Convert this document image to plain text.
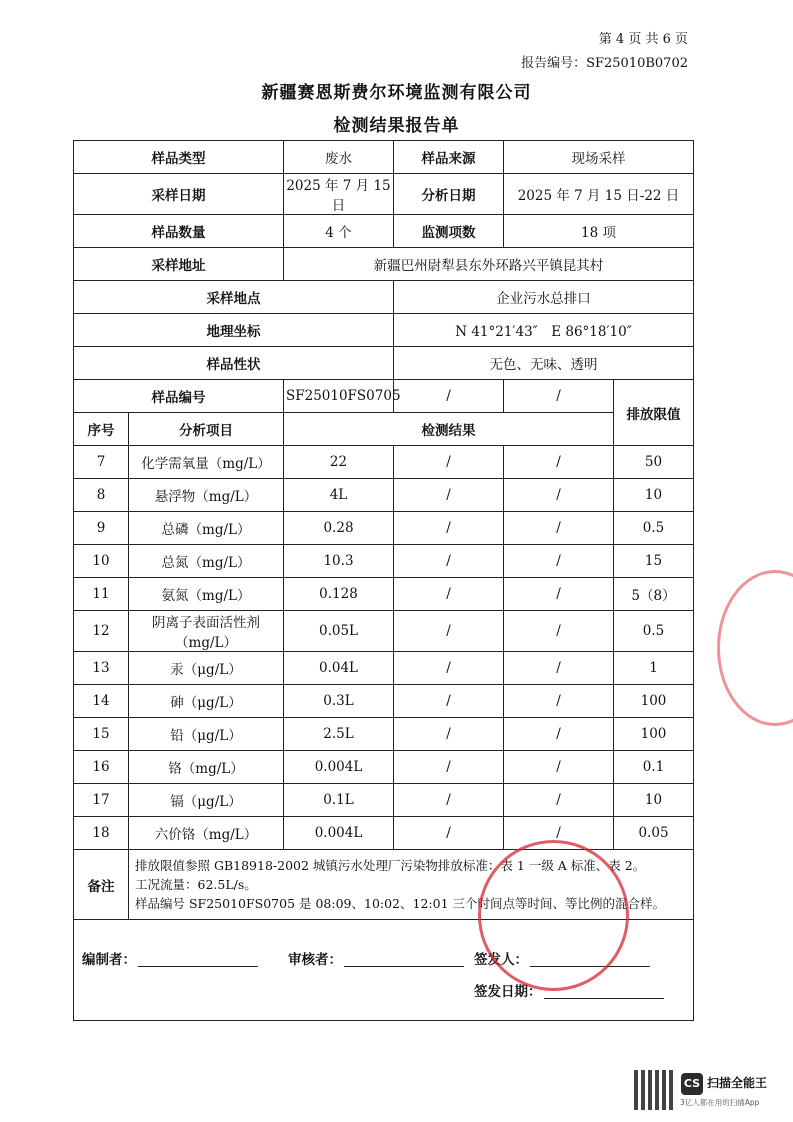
第 4 页 共 6 页
报告编号：SF25010B0702
新疆赛恩斯费尔环境监测有限公司
检测结果报告单
样品类型		废水	样品来源	现场采样	
采样日期		2025 年 7 月 15 日	分析日期	2025 年 7 月 15 日-22 日	
样品数量		4 个	监测项数	18 项	
采样地址		新疆巴州尉犁县东外环路兴平镇昆其村			
采样地点			企业污水总排口		
地理坐标			N 41°21′43″　E 86°18′10″		
样品性状			无色、无味、透明		
样品编号		SF25010FS0705	/	/	排放限值
序号	分析项目	检测结果			
7	化学需氧量（mg/L）	22	/	/	50
8	悬浮物（mg/L）	4L	/	/	10
9	总磷（mg/L）	0.28	/	/	0.5
10	总氮（mg/L）	10.3	/	/	15
11	氨氮（mg/L）	0.128	/	/	5（8）
12	阴离子表面活性剂（mg/L）	0.05L	/	/	0.5
13	汞（μg/L）	0.04L	/	/	1
14	砷（μg/L）	0.3L	/	/	100
15	铅（μg/L）	2.5L	/	/	100
16	铬（mg/L）	0.004L	/	/	0.1
17	镉（μg/L）	0.1L	/	/	10
18	六价铬（mg/L）	0.004L	/	/	0.05
备注	排放限值参照 GB18918-2002 城镇污水处理厂污染物排放标准：表 1 一级 A 标准、表 2。
工况流量：62.5L/s。
样品编号 SF25010FS0705 是 08:09、10:02、12:01 三个时间点等时间、等比例的混合样。				

编制者： 审核者： 签发人：
签发日期：					
CS 扫描全能王
3亿人都在用的扫描App
